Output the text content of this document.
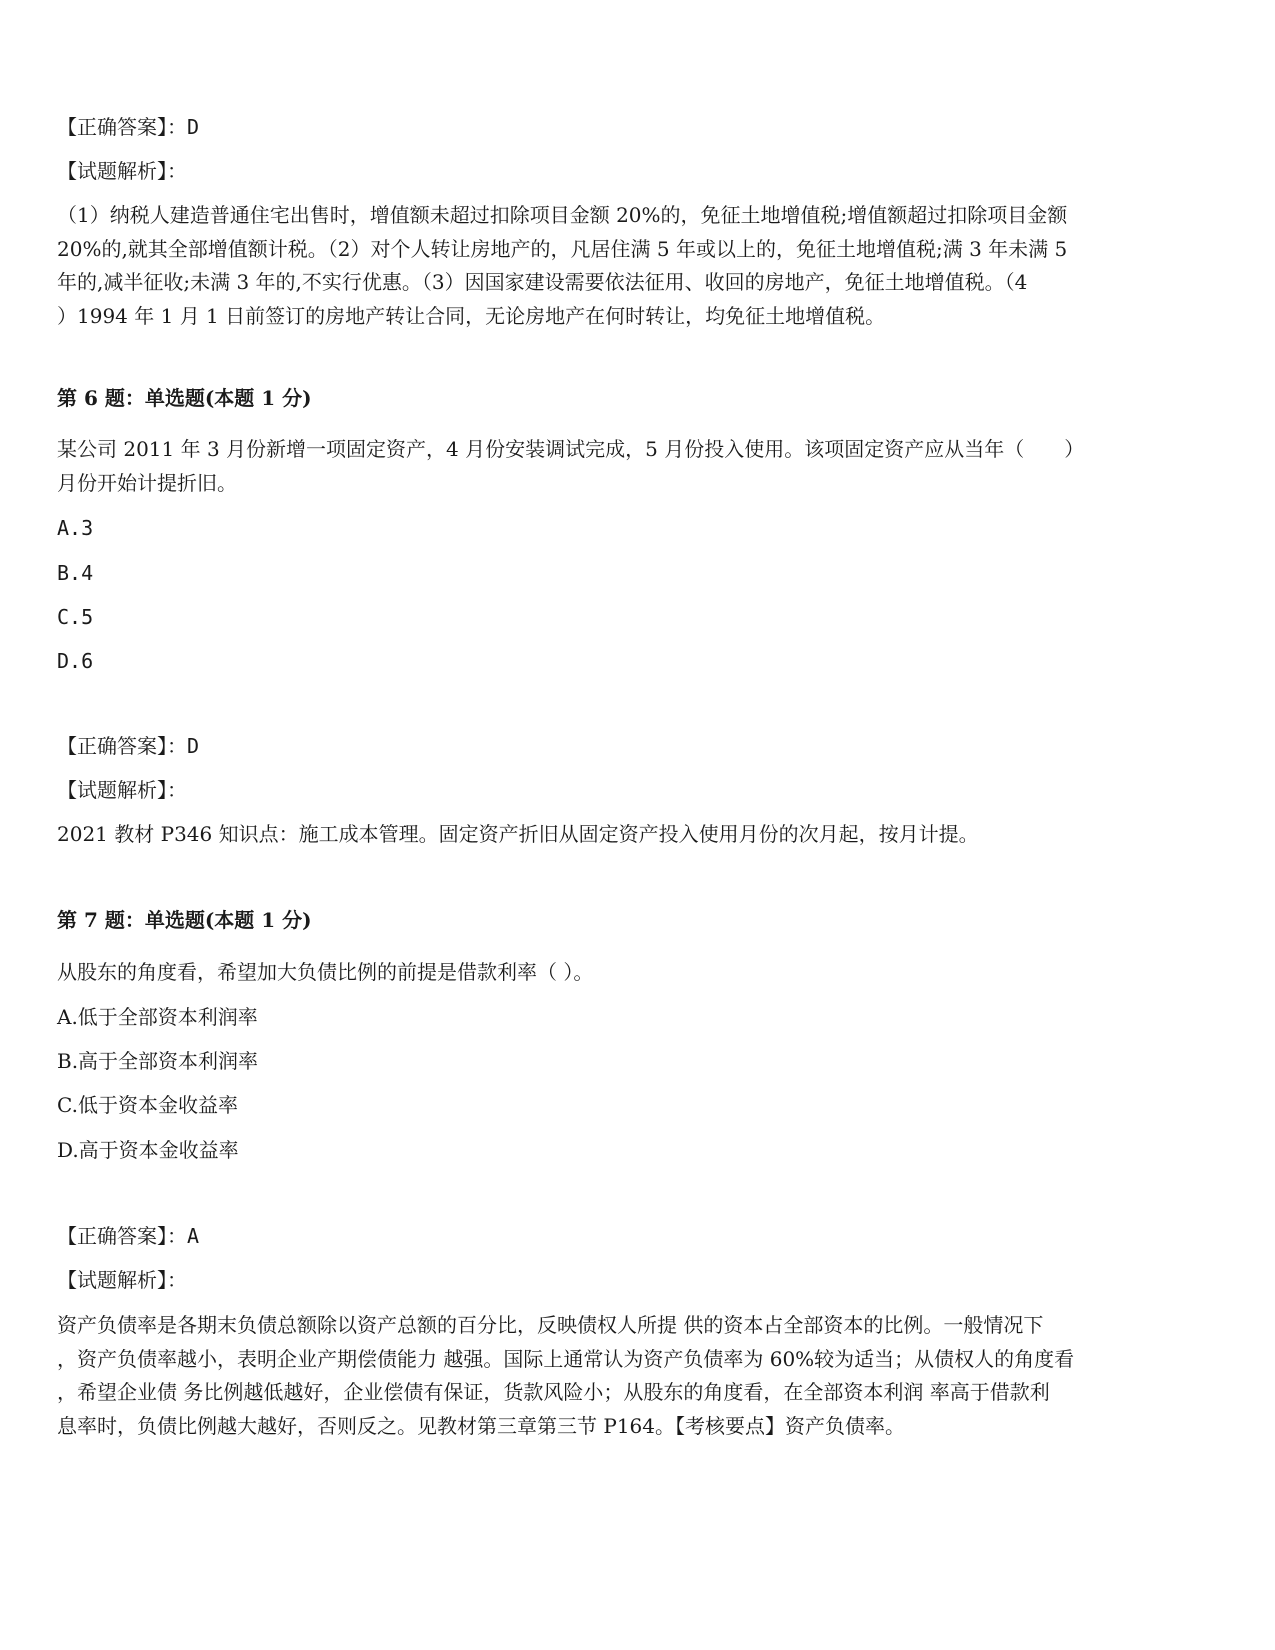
【正确答案】：D
【试题解析】：
（1）纳税人建造普通住宅出售时，增值额未超过扣除项目金额 20%的，免征土地增值税;增值额超过扣除项目金额
20%的,就其全部增值额计税。（2）对个人转让房地产的，凡居住满 5 年或以上的，免征土地增值税;满 3 年未满 5
年的,减半征收;未满 3 年的,不实行优惠。（3）因国家建设需要依法征用、收回的房地产，免征土地增值税。（4
）1994 年 1 月 1 日前签订的房地产转让合同，无论房地产在何时转让，均免征土地增值税。
第 6 题：单选题(本题 1 分)
某公司 2011 年 3 月份新增一项固定资产，4 月份安装调试完成，5 月份投入使用。该项固定资产应从当年（　　）
月份开始计提折旧。
A.3
B.4
C.5
D.6
【正确答案】：D
【试题解析】：
2021 教材 P346 知识点：施工成本管理。固定资产折旧从固定资产投入使用月份的次月起，按月计提。
第 7 题：单选题(本题 1 分)
从股东的角度看，希望加大负债比例的前提是借款利率（ ）。
A.低于全部资本利润率
B.高于全部资本利润率
C.低于资本金收益率
D.高于资本金收益率
【正确答案】：A
【试题解析】：
资产负债率是各期末负债总额除以资产总额的百分比，反映债权人所提 供的资本占全部资本的比例。一般情况下
，资产负债率越小，表明企业产期偿债能力 越强。国际上通常认为资产负债率为 60%较为适当；从债权人的角度看
，希望企业债 务比例越低越好，企业偿债有保证，货款风险小；从股东的角度看，在全部资本利润 率高于借款利
息率时，负债比例越大越好，否则反之。见教材第三章第三节 P164。【考核要点】资产负债率。
